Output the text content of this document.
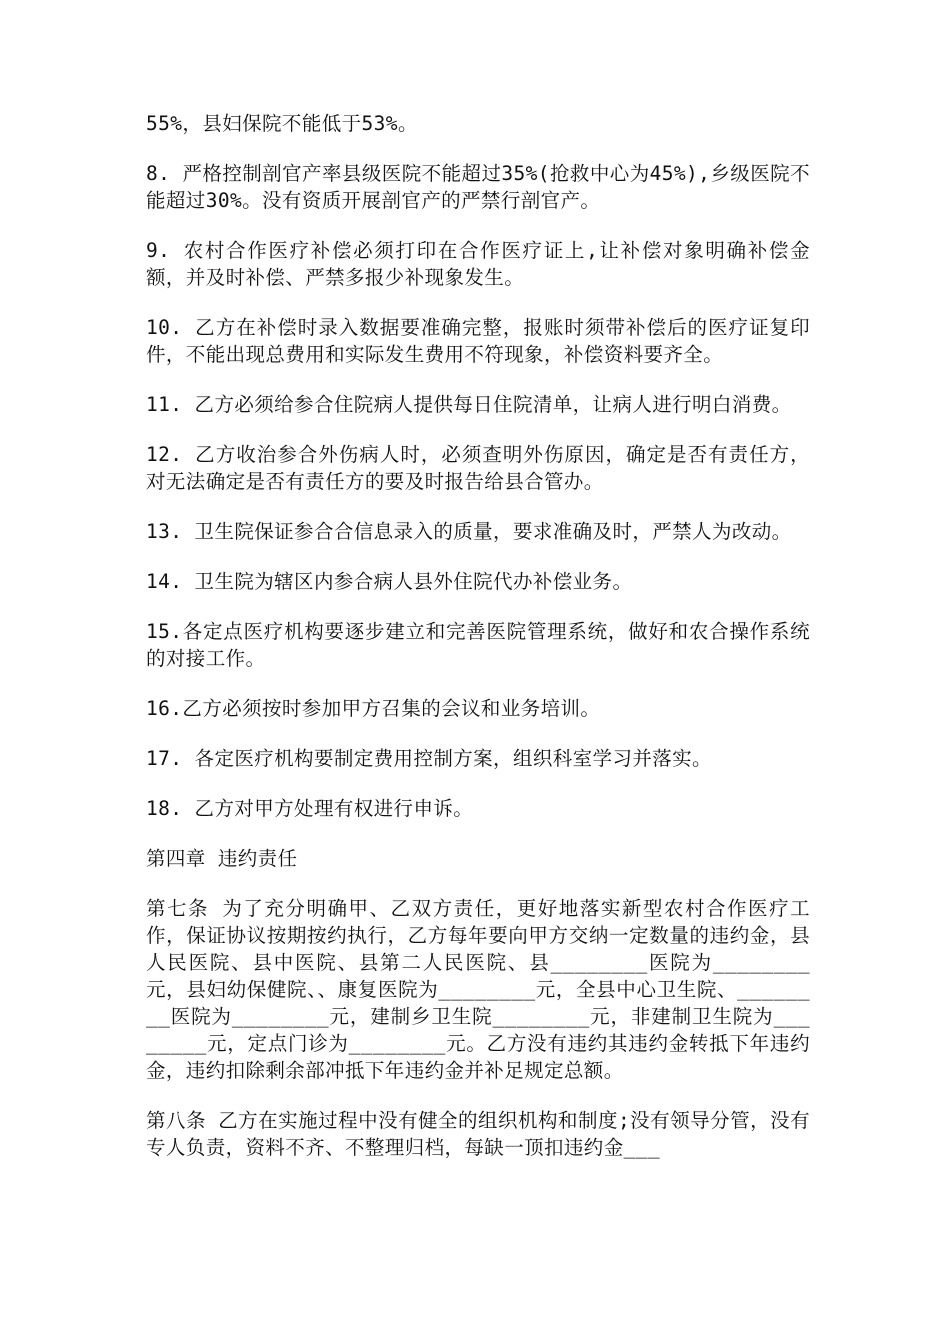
55%，县妇保院不能低于53%。

8. 严格控制剖官产率县级医院不能超过35%(抢救中心为45%),乡级医院不能超过30%。没有资质开展剖官产的严禁行剖官产。

9. 农村合作医疗补偿必须打印在合作医疗证上,让补偿对象明确补偿金额，并及时补偿、严禁多报少补现象发生。

10. 乙方在补偿时录入数据要准确完整，报账时须带补偿后的医疗证复印件，不能出现总费用和实际发生费用不符现象，补偿资料要齐全。

11. 乙方必须给参合住院病人提供每日住院清单，让病人进行明白消费。

12. 乙方收治参合外伤病人时，必须查明外伤原因，确定是否有责任方，对无法确定是否有责任方的要及时报告给县合管办。

13. 卫生院保证参合合信息录入的质量，要求准确及时，严禁人为改动。

14. 卫生院为辖区内参合病人县外住院代办补偿业务。

15.各定点医疗机构要逐步建立和完善医院管理系统，做好和农合操作系统的对接工作。

16.乙方必须按时参加甲方召集的会议和业务培训。

17. 各定医疗机构要制定费用控制方案，组织科室学习并落实。

18. 乙方对甲方处理有权进行申诉。

第四章 违约责任

第七条 为了充分明确甲、乙双方责任，更好地落实新型农村合作医疗工作，保证协议按期按约执行，乙方每年要向甲方交纳一定数量的违约金，县人民医院、县中医院、县第二人民医院、县________医院为________元，县妇幼保健院、、康复医院为________元，全县中心卫生院、________医院为________元，建制乡卫生院________元，非建制卫生院为________元，定点门诊为________元。乙方没有违约其违约金转抵下年违约金，违约扣除剩余部冲抵下年违约金并补足规定总额。

第八条 乙方在实施过程中没有健全的组织机构和制度;没有领导分管，没有专人负责，资料不齐、不整理归档，每缺一顶扣违约金___
